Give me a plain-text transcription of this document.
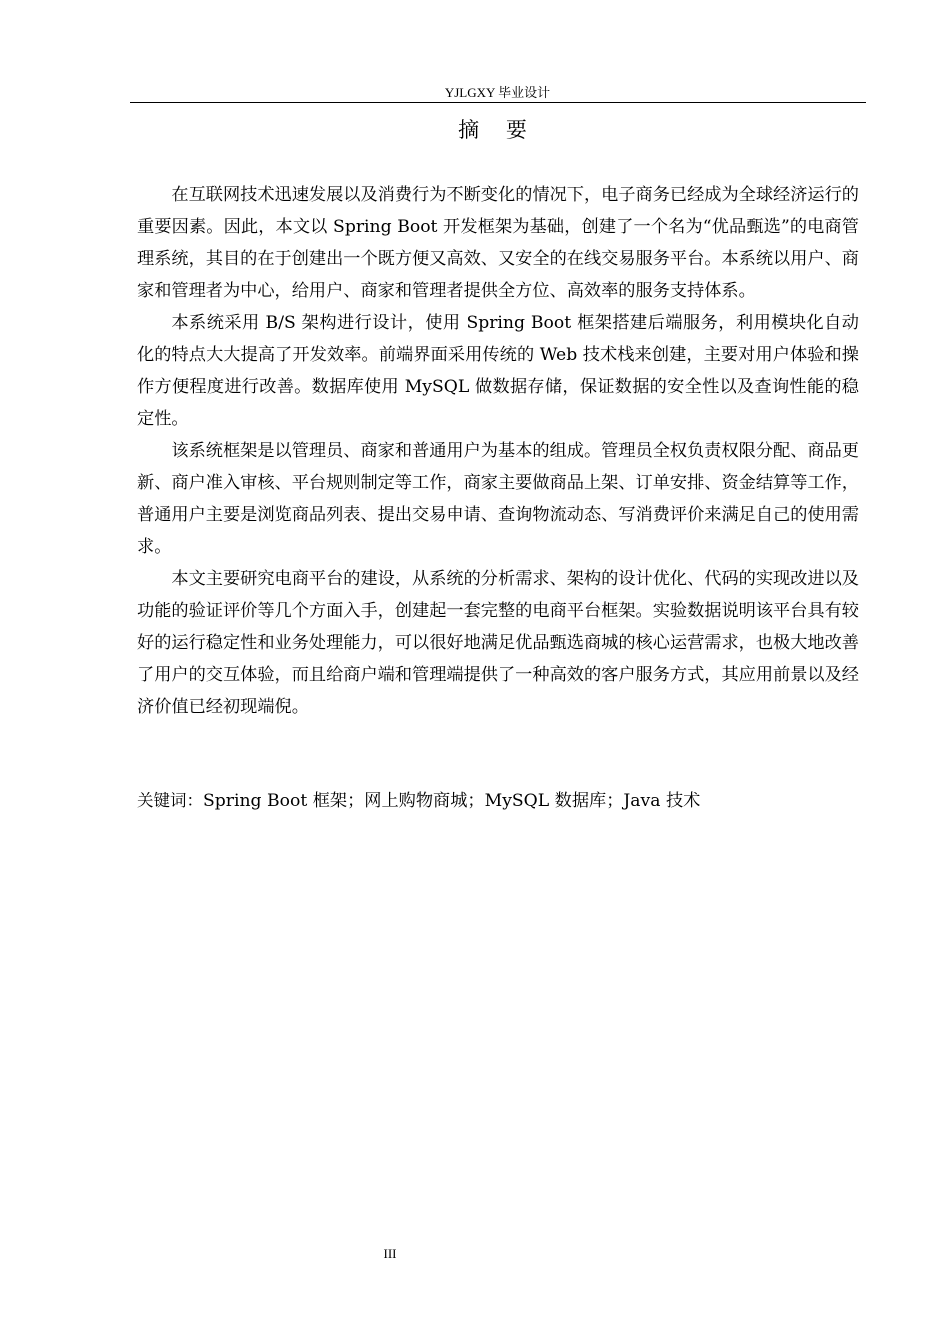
YJLGXY 毕业设计
摘 要

在互联网技术迅速发展以及消费行为不断变化的情况下，电子商务已经成为全球经济运行的重要因素。因此，本文以 Spring Boot 开发框架为基础，创建了一个名为“优品甄选”的电商管理系统，其目的在于创建出一个既方便又高效、又安全的在线交易服务平台。本系统以用户、商家和管理者为中心，给用户、商家和管理者提供全方位、高效率的服务支持体系。

本系统采用 B/S 架构进行设计，使用 Spring Boot 框架搭建后端服务，利用模块化自动化的特点大大提高了开发效率。前端界面采用传统的 Web 技术栈来创建，主要对用户体验和操作方便程度进行改善。数据库使用 MySQL 做数据存储，保证数据的安全性以及查询性能的稳定性。

该系统框架是以管理员、商家和普通用户为基本的组成。管理员全权负责权限分配、商品更新、商户准入审核、平台规则制定等工作，商家主要做商品上架、订单安排、资金结算等工作，普通用户主要是浏览商品列表、提出交易申请、查询物流动态、写消费评价来满足自己的使用需求。

本文主要研究电商平台的建设，从系统的分析需求、架构的设计优化、代码的实现改进以及功能的验证评价等几个方面入手，创建起一套完整的电商平台框架。实验数据说明该平台具有较好的运行稳定性和业务处理能力，可以很好地满足优品甄选商城的核心运营需求，也极大地改善了用户的交互体验，而且给商户端和管理端提供了一种高效的客户服务方式，其应用前景以及经济价值已经初现端倪。

关键词：Spring Boot 框架；网上购物商城；MySQL 数据库；Java 技术
III
